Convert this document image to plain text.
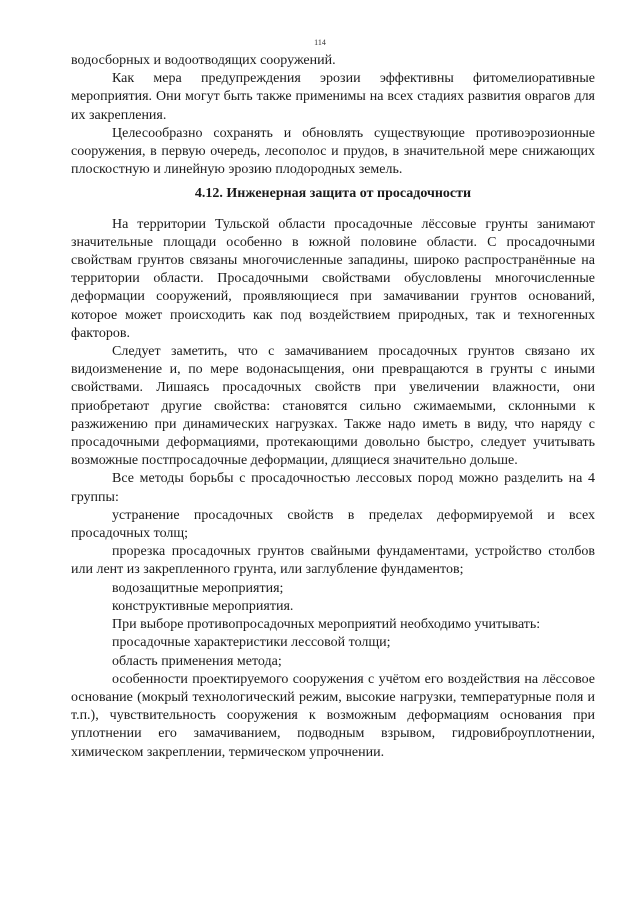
114

водосборных и водоотводящих сооружений.

Как мера предупреждения эрозии эффективны фитомелиоративные мероприятия. Они могут быть также применимы на всех стадиях развития оврагов для их закрепления.

Целесообразно сохранять и обновлять существующие противоэрозионные сооружения, в первую очередь, лесополос и прудов, в значительной мере снижающих плоскостную и линейную эрозию плодородных земель.

4.12. Инженерная защита от просадочности

На территории Тульской области просадочные лёссовые грунты занимают значительные площади особенно в южной половине области. С просадочными свойствам грунтов связаны многочисленные западины, широко распространённые на территории области. Просадочными свойствами обусловлены многочисленные деформации сооружений, проявляющиеся при замачивании грунтов оснований, которое может происходить как под воздействием природных, так и техногенных факторов.

Следует заметить, что с замачиванием просадочных грунтов связано их видоизменение и, по мере водонасыщения, они превращаются в грунты с иными свойствами. Лишаясь просадочных свойств при увеличении влажности, они приобретают другие свойства: становятся сильно сжимаемыми, склонными к разжижению при динамических нагрузках. Также надо иметь в виду, что наряду с просадочными деформациями, протекающими довольно быстро, следует учитывать возможные постпросадочные деформации, длящиеся значительно дольше.

Все методы борьбы с просадочностью лессовых пород можно разделить на 4 группы:

устранение просадочных свойств в пределах деформируемой и всех просадочных толщ;

прорезка просадочных грунтов свайными фундаментами, устройство столбов или лент из закрепленного грунта, или заглубление фундаментов;

водозащитные мероприятия;

конструктивные мероприятия.

При выборе противопросадочных мероприятий необходимо учитывать:

просадочные характеристики лессовой толщи;

область применения метода;

особенности проектируемого сооружения с учётом его воздействия на лёссовое основание (мокрый технологический режим, высокие нагрузки, температурные поля и т.п.), чувствительность сооружения к возможным деформациям основания при уплотнении его замачиванием, подводным взрывом, гидровиброуплотнении, химическом закреплении, термическом упрочнении.
